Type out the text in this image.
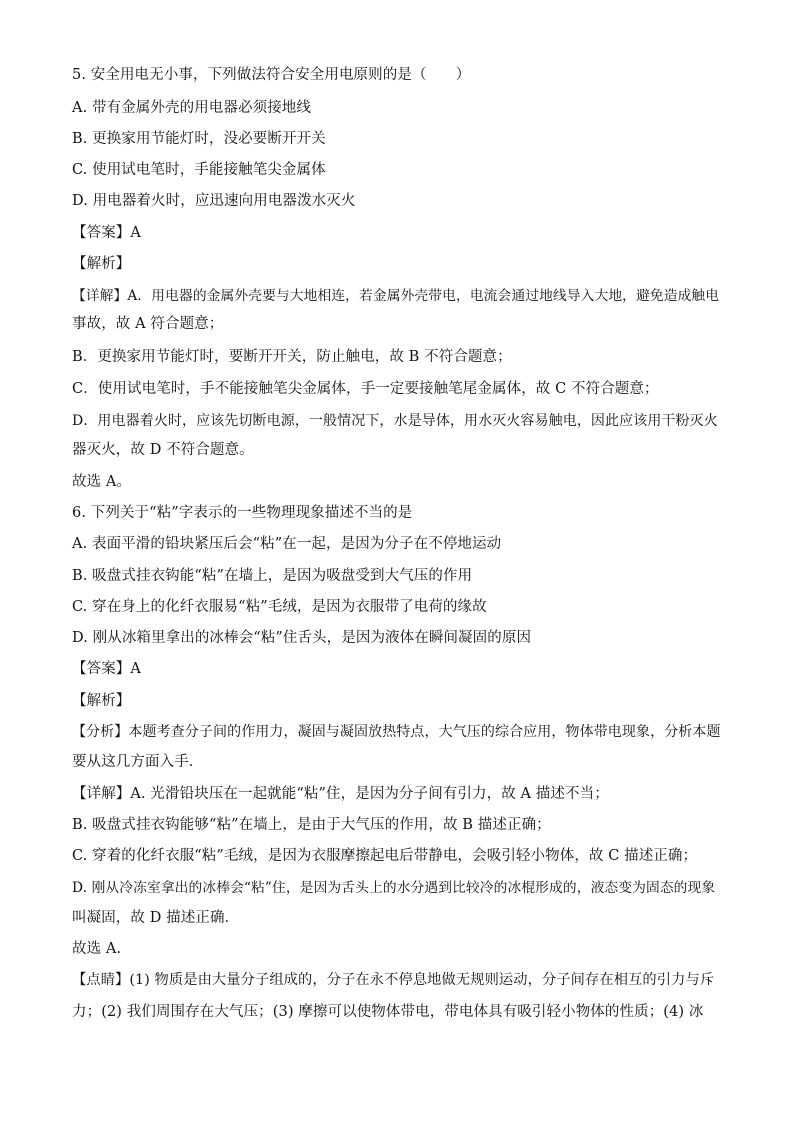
5. 安全用电无小事，下列做法符合安全用电原则的是（　　）
A. 带有金属外壳的用电器必须接地线
B. 更换家用节能灯时，没必要断开开关
C. 使用试电笔时，手能接触笔尖金属体
D. 用电器着火时，应迅速向用电器泼水灭火
【答案】A
【解析】
【详解】A．用电器的金属外壳要与大地相连，若金属外壳带电，电流会通过地线导入大地，避免造成触电
事故，故 A 符合题意；
B．更换家用节能灯时，要断开开关，防止触电，故 B 不符合题意；
C．使用试电笔时，手不能接触笔尖金属体，手一定要接触笔尾金属体，故 C 不符合题意；
D．用电器着火时，应该先切断电源，一般情况下，水是导体，用水灭火容易触电，因此应该用干粉灭火
器灭火，故 D 不符合题意。
故选 A。
6. 下列关于“粘”字表示的一些物理现象描述不当的是
A. 表面平滑的铅块紧压后会“粘”在一起，是因为分子在不停地运动
B. 吸盘式挂衣钩能“粘”在墙上，是因为吸盘受到大气压的作用
C. 穿在身上的化纤衣服易“粘”毛绒，是因为衣服带了电荷的缘故
D. 刚从冰箱里拿出的冰棒会“粘”住舌头，是因为液体在瞬间凝固的原因
【答案】A
【解析】
【分析】本题考查分子间的作用力，凝固与凝固放热特点，大气压的综合应用，物体带电现象，分析本题
要从这几方面入手．
【详解】A. 光滑铅块压在一起就能“粘”住，是因为分子间有引力，故 A 描述不当；
B. 吸盘式挂衣钩能够“粘”在墙上，是由于大气压的作用，故 B 描述正确；
C. 穿着的化纤衣服“粘”毛绒，是因为衣服摩擦起电后带静电，会吸引轻小物体，故 C 描述正确；
D. 刚从冷冻室拿出的冰棒会“粘”住，是因为舌头上的水分遇到比较冷的冰棍形成的，液态变为固态的现象
叫凝固，故 D 描述正确．
故选 A.
【点睛】(1) 物质是由大量分子组成的，分子在永不停息地做无规则运动，分子间存在相互的引力与斥
力；(2) 我们周围存在大气压；(3) 摩擦可以使物体带电，带电体具有吸引轻小物体的性质；(4) 冰
